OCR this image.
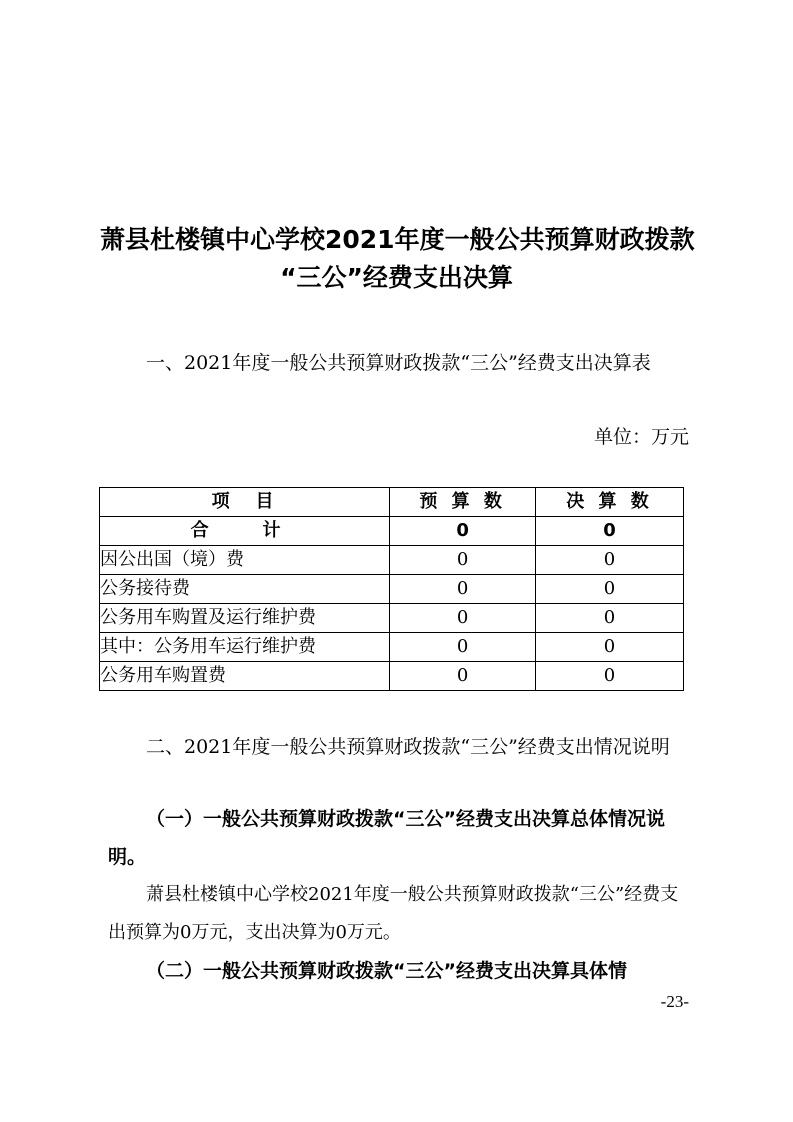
萧县杜楼镇中心学校2021年度一般公共预算财政拨款
“三公”经费支出决算
一、2021年度一般公共预算财政拨款“三公”经费支出决算表
单位：万元
项　目	预 算 数	决 算 数
合　计	0	0
因公出国（境）费	0	0
公务接待费	0	0
公务用车购置及运行维护费	0	0
其中：公务用车运行维护费	0	0
公务用车购置费	0	0
二、2021年度一般公共预算财政拨款“三公”经费支出情况说明
（一）一般公共预算财政拨款“三公”经费支出决算总体情况说明。
萧县杜楼镇中心学校2021年度一般公共预算财政拨款“三公”经费支出预算为0万元，支出决算为0万元。
（二）一般公共预算财政拨款“三公”经费支出决算具体情
-23-
